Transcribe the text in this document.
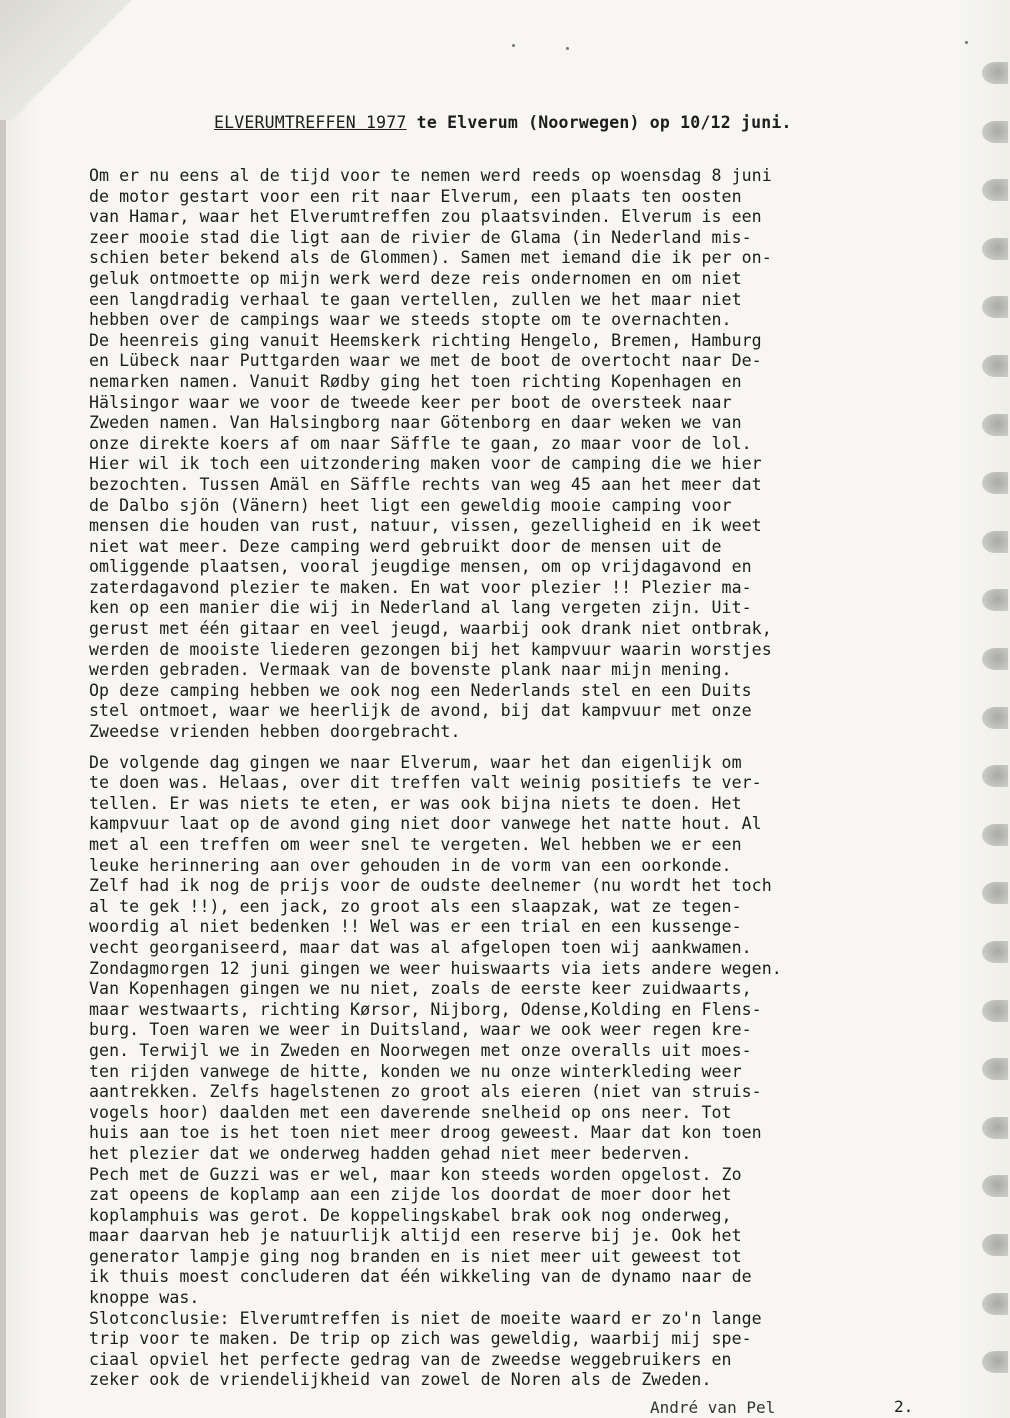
ELVERUMTREFFEN 1977 te Elverum (Noorwegen) op 10/12 juni.
Om er nu eens al de tijd voor te nemen werd reeds op woensdag 8 juni
de motor gestart voor een rit naar Elverum, een plaats ten oosten
van Hamar, waar het Elverumtreffen zou plaatsvinden. Elverum is een
zeer mooie stad die ligt aan de rivier de Glama (in Nederland mis-
schien beter bekend als de Glommen). Samen met iemand die ik per on-
geluk ontmoette op mijn werk werd deze reis ondernomen en om niet
een langdradig verhaal te gaan vertellen, zullen we het maar niet
hebben over de campings waar we steeds stopte om te overnachten.
De heenreis ging vanuit Heemskerk richting Hengelo, Bremen, Hamburg
en Lübeck naar Puttgarden waar we met de boot de overtocht naar De-
nemarken namen. Vanuit Rødby ging het toen richting Kopenhagen en
Hälsingor waar we voor de tweede keer per boot de oversteek naar
Zweden namen. Van Halsingborg naar Götenborg en daar weken we van
onze direkte koers af om naar Säffle te gaan, zo maar voor de lol.
Hier wil ik toch een uitzondering maken voor de camping die we hier
bezochten. Tussen Amäl en Säffle rechts van weg 45 aan het meer dat
de Dalbo sjön (Vänern) heet ligt een geweldig mooie camping voor
mensen die houden van rust, natuur, vissen, gezelligheid en ik weet
niet wat meer. Deze camping werd gebruikt door de mensen uit de
omliggende plaatsen, vooral jeugdige mensen, om op vrijdagavond en
zaterdagavond plezier te maken. En wat voor plezier !! Plezier ma-
ken op een manier die wij in Nederland al lang vergeten zijn. Uit-
gerust met één gitaar en veel jeugd, waarbij ook drank niet ontbrak,
werden de mooiste liederen gezongen bij het kampvuur waarin worstjes
werden gebraden. Vermaak van de bovenste plank naar mijn mening.
Op deze camping hebben we ook nog een Nederlands stel en een Duits
stel ontmoet, waar we heerlijk de avond, bij dat kampvuur met onze
Zweedse vrienden hebben doorgebracht.
De volgende dag gingen we naar Elverum, waar het dan eigenlijk om
te doen was. Helaas, over dit treffen valt weinig positiefs te ver-
tellen. Er was niets te eten, er was ook bijna niets te doen. Het
kampvuur laat op de avond ging niet door vanwege het natte hout. Al
met al een treffen om weer snel te vergeten. Wel hebben we er een
leuke herinnering aan over gehouden in de vorm van een oorkonde.
Zelf had ik nog de prijs voor de oudste deelnemer (nu wordt het toch
al te gek !!), een jack, zo groot als een slaapzak, wat ze tegen-
woordig al niet bedenken !! Wel was er een trial en een kussenge-
vecht georganiseerd, maar dat was al afgelopen toen wij aankwamen.
Zondagmorgen 12 juni gingen we weer huiswaarts via iets andere wegen.
Van Kopenhagen gingen we nu niet, zoals de eerste keer zuidwaarts,
maar westwaarts, richting Kørsor, Nijborg, Odense,Kolding en Flens-
burg. Toen waren we weer in Duitsland, waar we ook weer regen kre-
gen. Terwijl we in Zweden en Noorwegen met onze overalls uit moes-
ten rijden vanwege de hitte, konden we nu onze winterkleding weer
aantrekken. Zelfs hagelstenen zo groot als eieren (niet van struis-
vogels hoor) daalden met een daverende snelheid op ons neer. Tot
huis aan toe is het toen niet meer droog geweest. Maar dat kon toen
het plezier dat we onderweg hadden gehad niet meer bederven.
Pech met de Guzzi was er wel, maar kon steeds worden opgelost. Zo
zat opeens de koplamp aan een zijde los doordat de moer door het
koplamphuis was gerot. De koppelingskabel brak ook nog onderweg,
maar daarvan heb je natuurlijk altijd een reserve bij je. Ook het
generator lampje ging nog branden en is niet meer uit geweest tot
ik thuis moest concluderen dat één wikkeling van de dynamo naar de
knoppe was.
Slotconclusie: Elverumtreffen is niet de moeite waard er zo'n lange
trip voor te maken. De trip op zich was geweldig, waarbij mij spe-
ciaal opviel het perfecte gedrag van de zweedse weggebruikers en
zeker ook de vriendelijkheid van zowel de Noren als de Zweden.
André van Pel	2.
